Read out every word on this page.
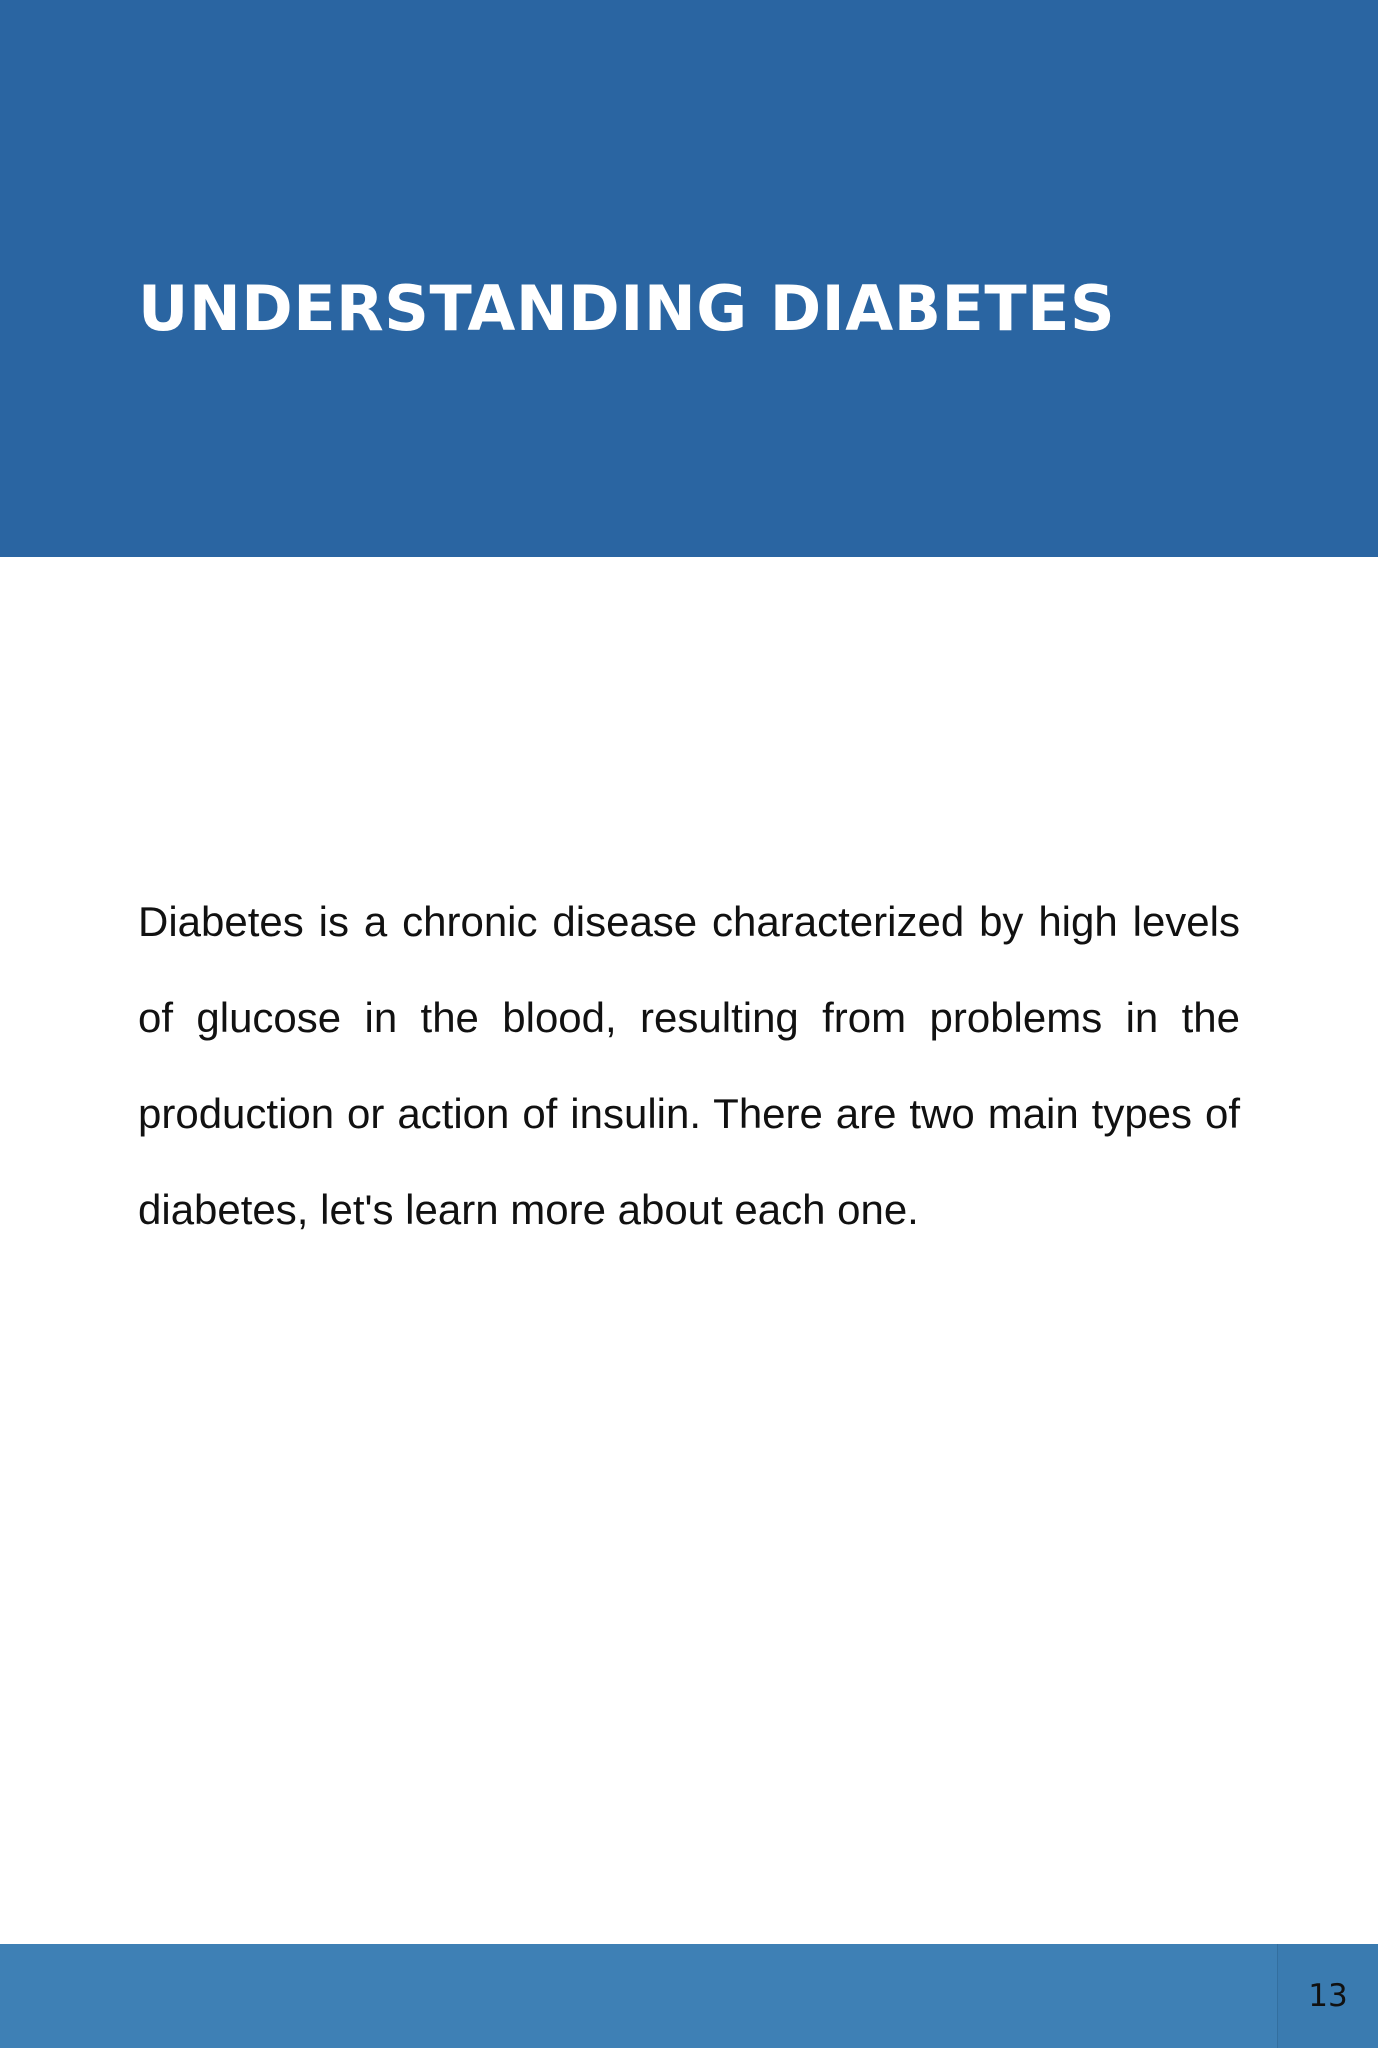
UNDERSTANDING DIABETES

Diabetes is a chronic disease characterized by high levels of glucose in the blood, resulting from problems in the production or action of insulin. There are two main types of diabetes, let's learn more about each one.

13
